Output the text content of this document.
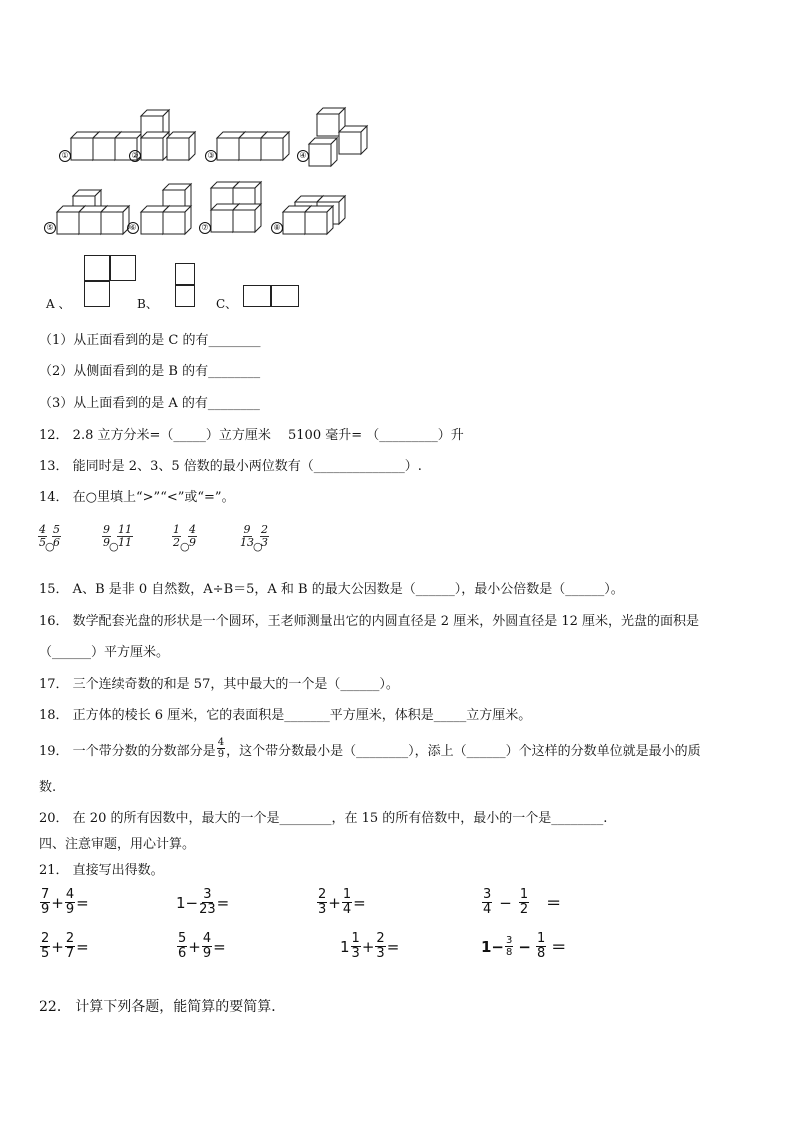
①	②	③	④
⑤	⑥	⑦	⑧
A 、	B、	C、
（1）从正面看到的是 C 的有________
（2）从侧面看到的是 B 的有________
（3）从上面看到的是 A 的有________
12． 2.8 立方分米=（_____）立方厘米　 5100 毫升= （_________）升
13． 能同时是 2、3、5 倍数的最小两位数有（______________）.
14． 在○里填上“>”“<”或“=”。
$\frac{4}{5}$
○
$\frac{5}{6}$	$\frac{9}{9}$
○
$\frac{11}{11}$	$\frac{1}{2}$ ○
$\frac{4}{9}$	$\frac{9}{13}$ ○
$\frac{2}{3}$
15． A、B 是非 0 自然数，A÷B＝5，A 和 B 的最大公因数是（______），最小公倍数是（______）。
16． 数学配套光盘的形状是一个圆环，王老师测量出它的内圆直径是 2 厘米，外圆直径是 12 厘米，光盘的面积是
（______）平方厘米。
17． 三个连续奇数的和是 57，其中最大的一个是（______）。
18． 正方体的棱长 6 厘米，它的表面积是_______平方厘米，体积是_____立方厘米。
19． 一个带分数的分数部分是 $\frac{4}{9}$ ，这个带分数最小是（________），添上（______）个这样的分数单位就是最小的质
数.
20． 在 20 的所有因数中，最大的一个是________，在 15 的所有倍数中，最小的一个是________.
四、注意审题，用心计算。
21． 直接写出得数。
$\frac{7}{9} + \frac{4}{9}$ =	$1- \frac{3}{23}$ =	$\frac{2}{3} + \frac{1}{4}$ =	$\frac{3}{4} - \frac{1}{2}$ ＝
$\frac{2}{5} + \frac{2}{7}$ =	$\frac{5}{6} + \frac{4}{9}$ =	$1 \frac{1}{3} + \frac{2}{3}$ =	$1- \frac{3}{8} - \frac{1}{8}$ ＝
22． 计算下列各题，能简算的要简算．
